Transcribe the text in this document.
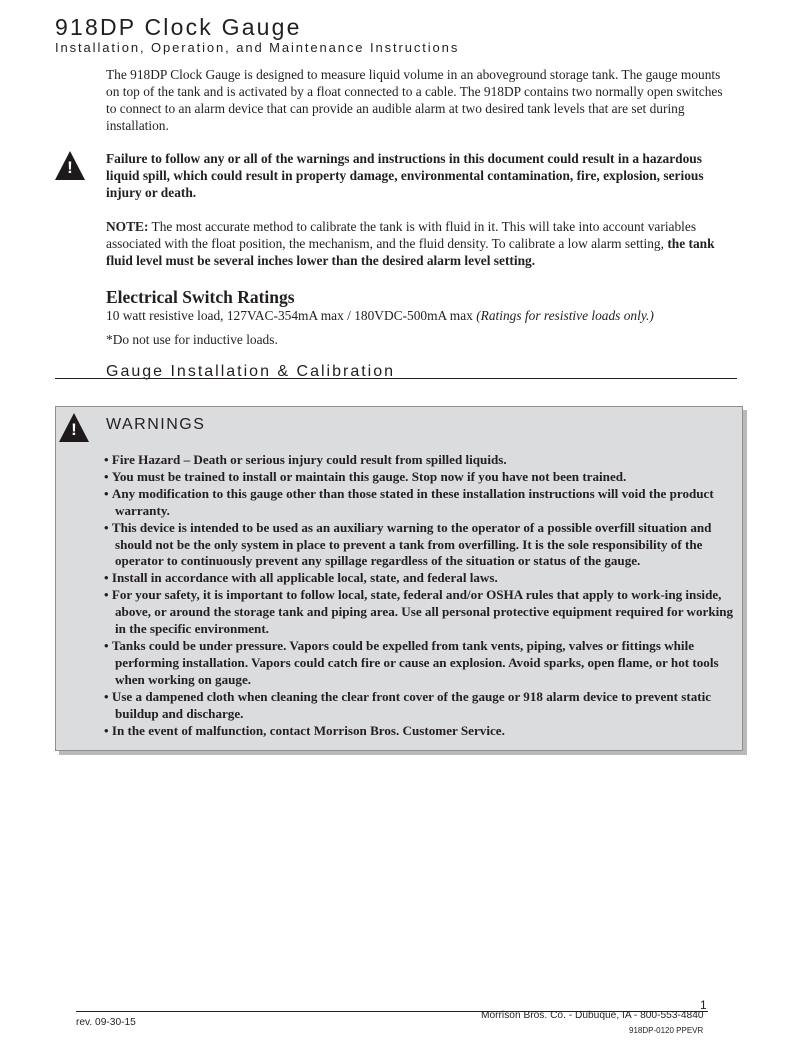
918DP Clock Gauge
Installation, Operation, and Maintenance Instructions

The 918DP Clock Gauge is designed to measure liquid volume in an aboveground storage tank. The gauge mounts on top of the tank and is activated by a float connected to a cable. The 918DP contains two normally open switches to connect to an alarm device that can provide an audible alarm at two desired tank levels that are set during installation.

! Failure to follow any or all of the warnings and instructions in this document could result in a hazardous liquid spill, which could result in property damage, environmental contamination, fire, explosion, serious injury or death.

NOTE: The most accurate method to calibrate the tank is with fluid in it. This will take into account variables associated with the float position, the mechanism, and the fluid density. To calibrate a low alarm setting, the tank fluid level must be several inches lower than the desired alarm level setting.

Electrical Switch Ratings

10 watt resistive load, 127VAC-354mA max / 180VDC-500mA max (Ratings for resistive loads only.)

*Do not use for inductive loads.

Gauge Installation & Calibration
! WARNINGS
• Fire Hazard – Death or serious injury could result from spilled liquids.
• You must be trained to install or maintain this gauge. Stop now if you have not been trained.
• Any modification to this gauge other than those stated in these installation instructions will void the product warranty.
• This device is intended to be used as an auxiliary warning to the operator of a possible overfill situation and should not be the only system in place to prevent a tank from overfilling. It is the sole responsibility of the operator to continuously prevent any spillage regardless of the situation or status of the gauge.
• Install in accordance with all applicable local, state, and federal laws.
• For your safety, it is important to follow local, state, federal and/or OSHA rules that apply to work-ing inside, above, or around the storage tank and piping area. Use all personal protective equipment required for working in the specific environment.
• Tanks could be under pressure. Vapors could be expelled from tank vents, piping, valves or fittings while performing installation. Vapors could catch fire or cause an explosion. Avoid sparks, open flame, or hot tools when working on gauge.
• Use a dampened cloth when cleaning the clear front cover of the gauge or 918 alarm device to prevent static buildup and discharge.
• In the event of malfunction, contact Morrison Bros. Customer Service.
1
Morrison Bros. Co. - Dubuque, IA - 800-553-4840
rev. 09-30-15
918DP-0120 PPEVR
